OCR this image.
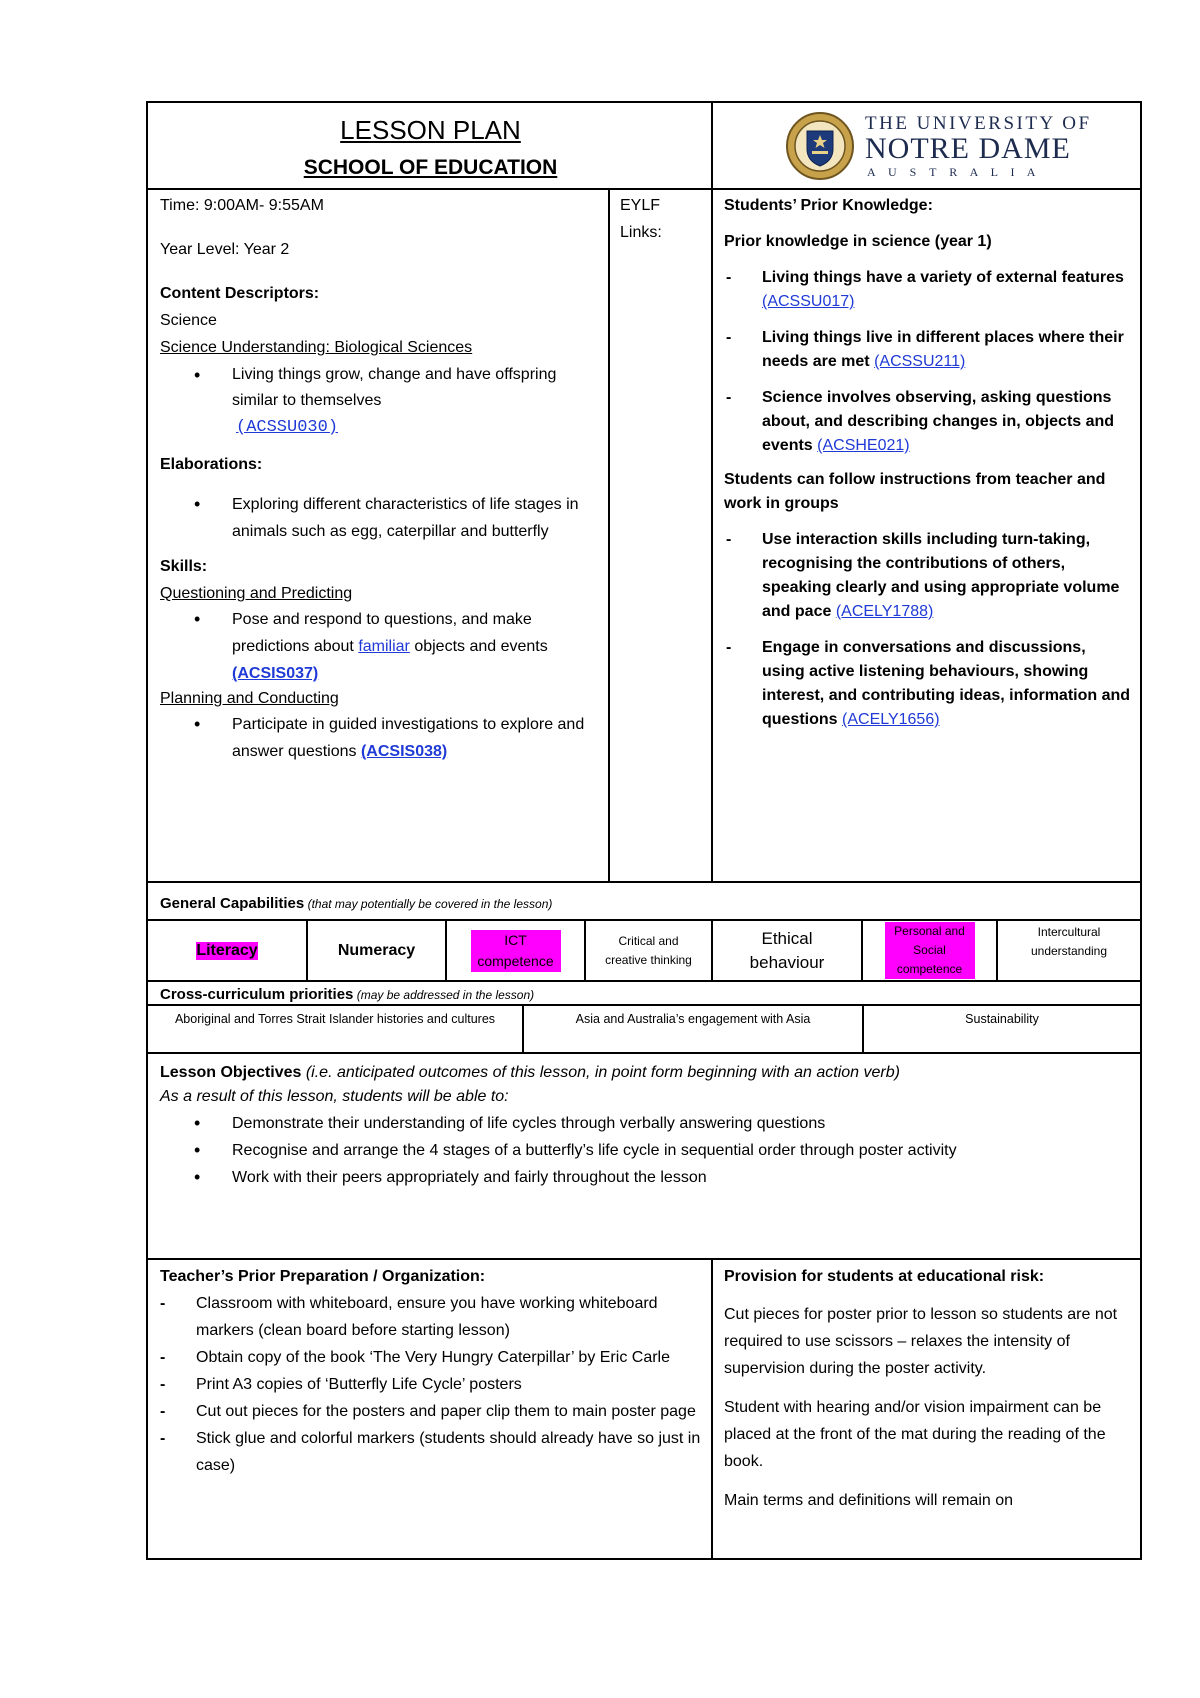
LESSON PLAN
SCHOOL OF EDUCATION
THE UNIVERSITY OF
NOTRE DAME
A U S T R A L I A
Time: 9:00AM- 9:55AM
Year Level: Year 2
Content Descriptors:
Science
Science Understanding: Biological Sciences
• Living things grow, change and have offspring similar to themselves
(ACSSU030)
Elaborations:
• Exploring different characteristics of life stages in animals such as egg, caterpillar and butterfly
Skills:
Questioning and Predicting
• Pose and respond to questions, and make predictions about familiar objects and events (ACSIS037)
Planning and Conducting
• Participate in guided investigations to explore and answer questions (ACSIS038)
EYLF
Links:
Students’ Prior Knowledge:
Prior knowledge in science (year 1)
- Living things have a variety of external features (ACSSU017)
- Living things live in different places where their needs are met (ACSSU211)
- Science involves observing, asking questions about, and describing changes in, objects and events (ACSHE021)
Students can follow instructions from teacher and work in groups
- Use interaction skills including turn-taking, recognising the contributions of others, speaking clearly and using appropriate volume and pace (ACELY1788)
- Engage in conversations and discussions, using active listening behaviours, showing interest, and contributing ideas, information and questions (ACELY1656)
General Capabilities (that may potentially be covered in the lesson)
Literacy	Numeracy
ICT competence
Critical and creative thinking
Ethical behaviour
Personal and Social competence
Intercultural understanding
Cross-curriculum priorities (may be addressed in the lesson)
Aboriginal and Torres Strait Islander histories and cultures	Asia and Australia’s engagement with Asia	Sustainability
Lesson Objectives (i.e. anticipated outcomes of this lesson, in point form beginning with an action verb)
As a result of this lesson, students will be able to:
• Demonstrate their understanding of life cycles through verbally answering questions
• Recognise and arrange the 4 stages of a butterfly’s life cycle in sequential order through poster activity
• Work with their peers appropriately and fairly throughout the lesson
Teacher’s Prior Preparation / Organization:
- Classroom with whiteboard, ensure you have working whiteboard markers (clean board before starting lesson)
- Obtain copy of the book ‘The Very Hungry Caterpillar’ by Eric Carle
- Print A3 copies of ‘Butterfly Life Cycle’ posters
- Cut out pieces for the posters and paper clip them to main poster page
- Stick glue and colorful markers (students should already have so just in case)
Provision for students at educational risk:

Cut pieces for poster prior to lesson so students are not required to use scissors – relaxes the intensity of supervision during the poster activity.

Student with hearing and/or vision impairment can be placed at the front of the mat during the reading of the book.

Main terms and definitions will remain on
